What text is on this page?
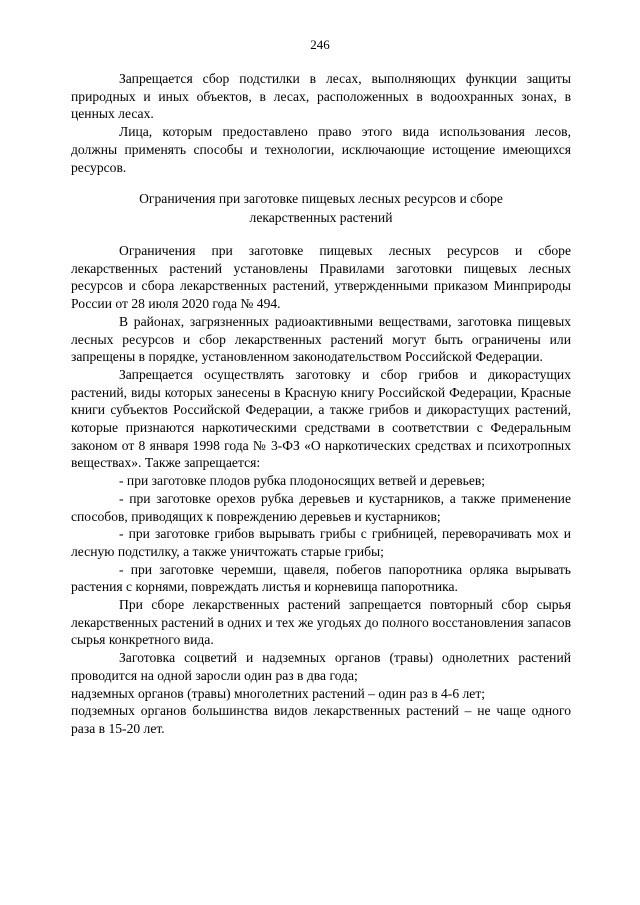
246

Запрещается сбор подстилки в лесах, выполняющих функции защиты природных и иных объектов, в лесах, расположенных в водоохранных зонах, в ценных лесах.

Лица, которым предоставлено право этого вида использования лесов, должны применять способы и технологии, исключающие истощение имеющихся ресурсов.

Ограничения при заготовке пищевых лесных ресурсов и сборе

лекарственных растений

Ограничения при заготовке пищевых лесных ресурсов и сборе лекарственных растений установлены Правилами заготовки пищевых лесных ресурсов и сбора лекарственных растений, утвержденными приказом Минприроды России от 28 июля 2020 года № 494.

В районах, загрязненных радиоактивными веществами, заготовка пищевых лесных ресурсов и сбор лекарственных растений могут быть ограничены или запрещены в порядке, установленном законодательством Российской Федерации.

Запрещается осуществлять заготовку и сбор грибов и дикорастущих растений, виды которых занесены в Красную книгу Российской Федерации, Красные книги субъектов Российской Федерации, а также грибов и дикорастущих растений, которые признаются наркотическими средствами в соответствии с Федеральным законом от 8 января 1998 года № 3-ФЗ «О наркотических средствах и психотропных веществах». Также запрещается:

- при заготовке плодов рубка плодоносящих ветвей и деревьев;

- при заготовке орехов рубка деревьев и кустарников, а также применение способов, приводящих к повреждению деревьев и кустарников;

- при заготовке грибов вырывать грибы с грибницей, переворачивать мох и лесную подстилку, а также уничтожать старые грибы;

- при заготовке черемши, щавеля, побегов папоротника орляка вырывать растения с корнями, повреждать листья и корневища папоротника.

При сборе лекарственных растений запрещается повторный сбор сырья лекарственных растений в одних и тех же угодьях до полного восстановления запасов сырья конкретного вида.

Заготовка соцветий и надземных органов (травы) однолетних растений проводится на одной заросли один раз в два года;

надземных органов (травы) многолетних растений – один раз в 4-6 лет;

подземных органов большинства видов лекарственных растений – не чаще одного раза в 15-20 лет.
